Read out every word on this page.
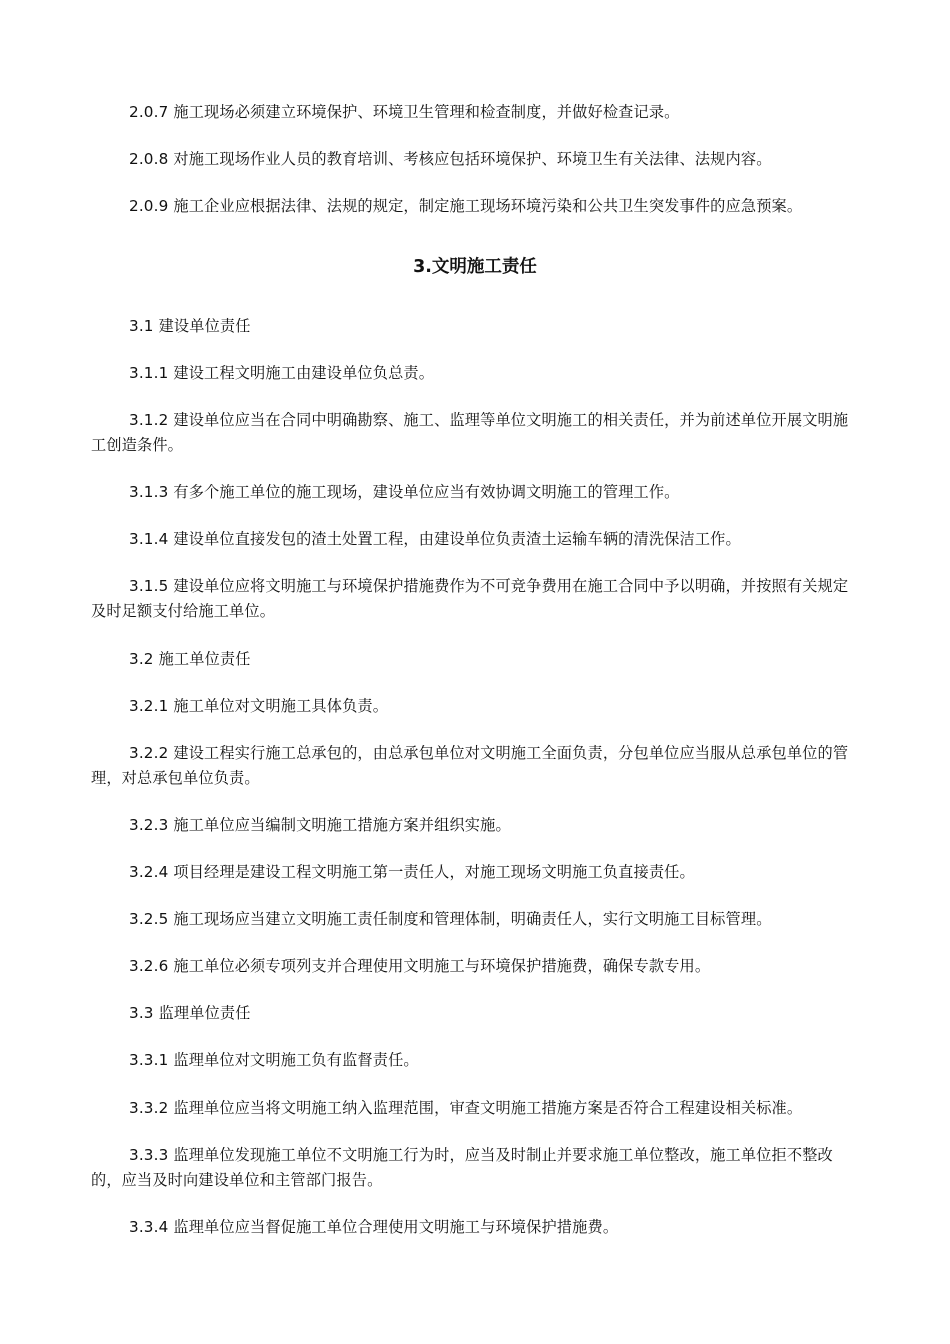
2.0.7 施工现场必须建立环境保护、环境卫生管理和检查制度，并做好检查记录。

2.0.8 对施工现场作业人员的教育培训、考核应包括环境保护、环境卫生有关法律、法规内容。

2.0.9 施工企业应根据法律、法规的规定，制定施工现场环境污染和公共卫生突发事件的应急预案。

3.文明施工责任

3.1 建设单位责任

3.1.1 建设工程文明施工由建设单位负总责。

3.1.2 建设单位应当在合同中明确勘察、施工、监理等单位文明施工的相关责任，并为前述单位开展文明施工创造条件。

3.1.3 有多个施工单位的施工现场，建设单位应当有效协调文明施工的管理工作。

3.1.4 建设单位直接发包的渣土处置工程，由建设单位负责渣土运输车辆的清洗保洁工作。

3.1.5 建设单位应将文明施工与环境保护措施费作为不可竞争费用在施工合同中予以明确，并按照有关规定及时足额支付给施工单位。

3.2 施工单位责任

3.2.1 施工单位对文明施工具体负责。

3.2.2 建设工程实行施工总承包的，由总承包单位对文明施工全面负责，分包单位应当服从总承包单位的管理，对总承包单位负责。

3.2.3 施工单位应当编制文明施工措施方案并组织实施。

3.2.4 项目经理是建设工程文明施工第一责任人，对施工现场文明施工负直接责任。

3.2.5 施工现场应当建立文明施工责任制度和管理体制，明确责任人，实行文明施工目标管理。

3.2.6 施工单位必须专项列支并合理使用文明施工与环境保护措施费，确保专款专用。

3.3 监理单位责任

3.3.1 监理单位对文明施工负有监督责任。

3.3.2 监理单位应当将文明施工纳入监理范围，审查文明施工措施方案是否符合工程建设相关标准。

3.3.3 监理单位发现施工单位不文明施工行为时，应当及时制止并要求施工单位整改，施工单位拒不整改的，应当及时向建设单位和主管部门报告。

3.3.4 监理单位应当督促施工单位合理使用文明施工与环境保护措施费。
